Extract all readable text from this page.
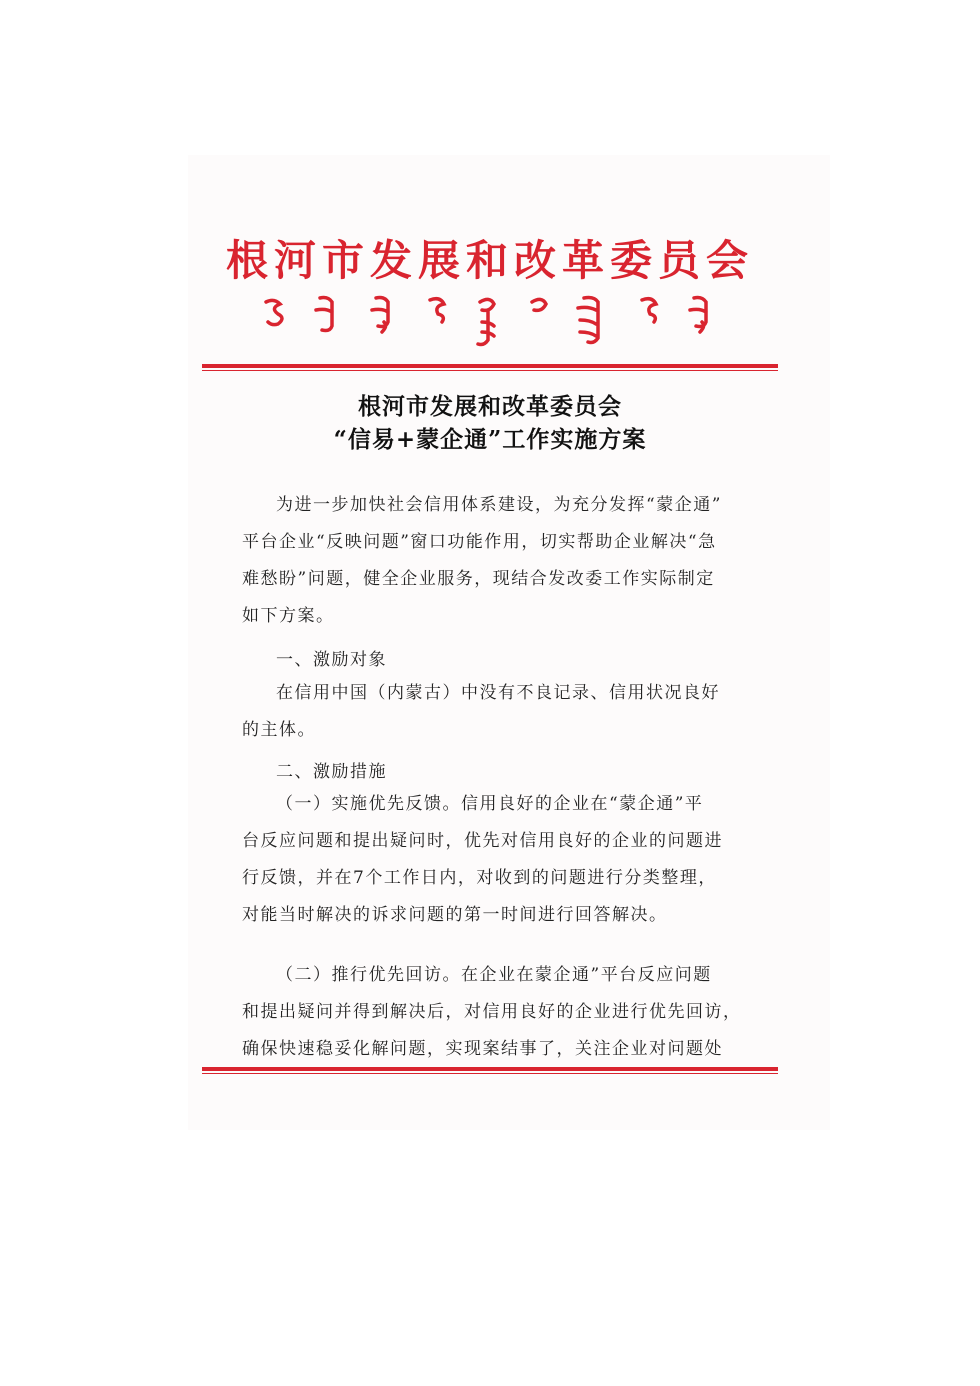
根河市发展和改革委员会
根河市发展和改革委员会
“信易+蒙企通”工作实施方案

为进一步加快社会信用体系建设，为充分发挥“蒙企通”

平台企业“反映问题”窗口功能作用，切实帮助企业解决“急

难愁盼”问题，健全企业服务，现结合发改委工作实际制定

如下方案。

一、激励对象

在信用中国（内蒙古）中没有不良记录、信用状况良好

的主体。

二、激励措施

（一）实施优先反馈。信用良好的企业在“蒙企通”平

台反应问题和提出疑问时，优先对信用良好的企业的问题进

行反馈，并在7个工作日内，对收到的问题进行分类整理，

对能当时解决的诉求问题的第一时间进行回答解决。

（二）推行优先回访。在企业在蒙企通”平台反应问题

和提出疑问并得到解决后，对信用良好的企业进行优先回访，

确保快速稳妥化解问题，实现案结事了，关注企业对问题处
